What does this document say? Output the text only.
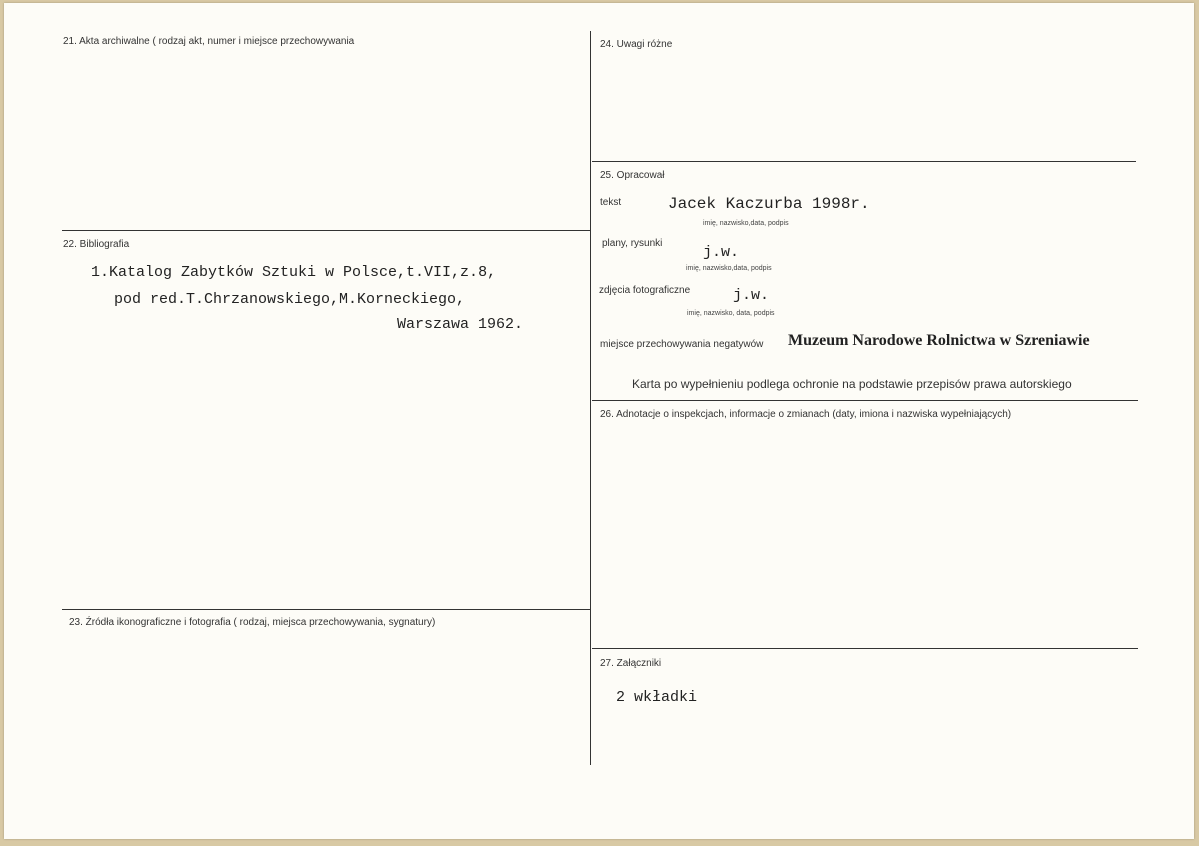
21. Akta archiwalne ( rodzaj akt, numer i miejsce przechowywania
22. Bibliografia
1.Katalog Zabytków Sztuki w Polsce,t.VII,z.8,
pod red.T.Chrzanowskiego,M.Korneckiego,
Warszawa 1962.
23. Źródła ikonograficzne i fotografia ( rodzaj, miejsca przechowywania, sygnatury)
24. Uwagi różne
25. Opracował
tekst	Jacek Kaczurba 1998r.
imię, nazwisko,data, podpis
plany, rysunki
j.w.
imię, nazwisko,data, podpis
zdjęcia fotograficzne	j.w.
imię, nazwisko, data, podpis
miejsce przechowywania negatywów Muzeum Narodowe Rolnictwa w Szreniawie
Karta po wypełnieniu podlega ochronie na podstawie przepisów prawa autorskiego
26. Adnotacje o inspekcjach, informacje o zmianach (daty, imiona i nazwiska wypełniających)
27. Załączniki
2 wkładki
